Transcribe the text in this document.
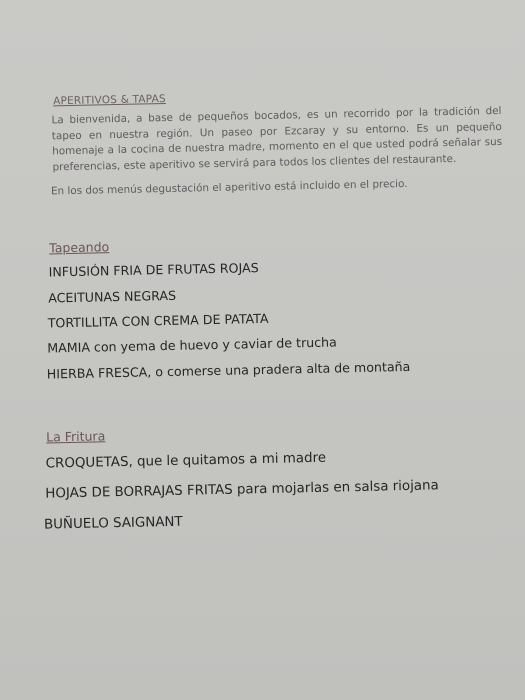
APERITIVOS & TAPAS
La bienvenida, a base de pequeños bocados, es un recorrido por la tradición del tapeo en nuestra región. Un paseo por Ezcaray y su entorno. Es un pequeño homenaje a la cocina de nuestra madre, momento en el que usted podrá señalar sus preferencias, este aperitivo se servirá para todos los clientes del restaurante.
En los dos menús degustación el aperitivo está incluido en el precio.
Tapeando
INFUSIÓN FRIA DE FRUTAS ROJAS
ACEITUNAS NEGRAS
TORTILLITA CON CREMA DE PATATA
MAMIA con yema de huevo y caviar de trucha
HIERBA FRESCA, o comerse una pradera alta de montaña
La Fritura
CROQUETAS, que le quitamos a mi madre
HOJAS DE BORRAJAS FRITAS para mojarlas en salsa riojana
BUÑUELO SAIGNANT
